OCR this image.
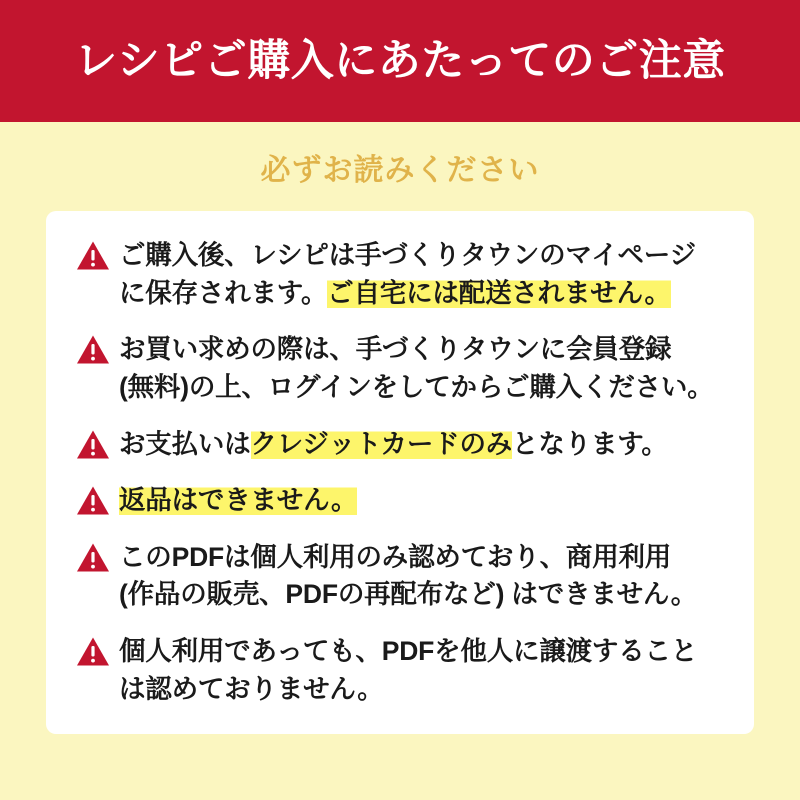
レシピご購入にあたってのご注意
必ずお読みください
ご購入後、レシピは手づくりタウンのマイページ
に保存されます。ご自宅には配送されません。
お買い求めの際は、手づくりタウンに会員登録
(無料)の上、ログインをしてからご購入ください。
お支払いはクレジットカードのみとなります。
返品はできません。
このPDFは個人利用のみ認めており、商用利用
(作品の販売、PDFの再配布など) はできません。
個人利用であっても、PDFを他人に譲渡すること
は認めておりません。
